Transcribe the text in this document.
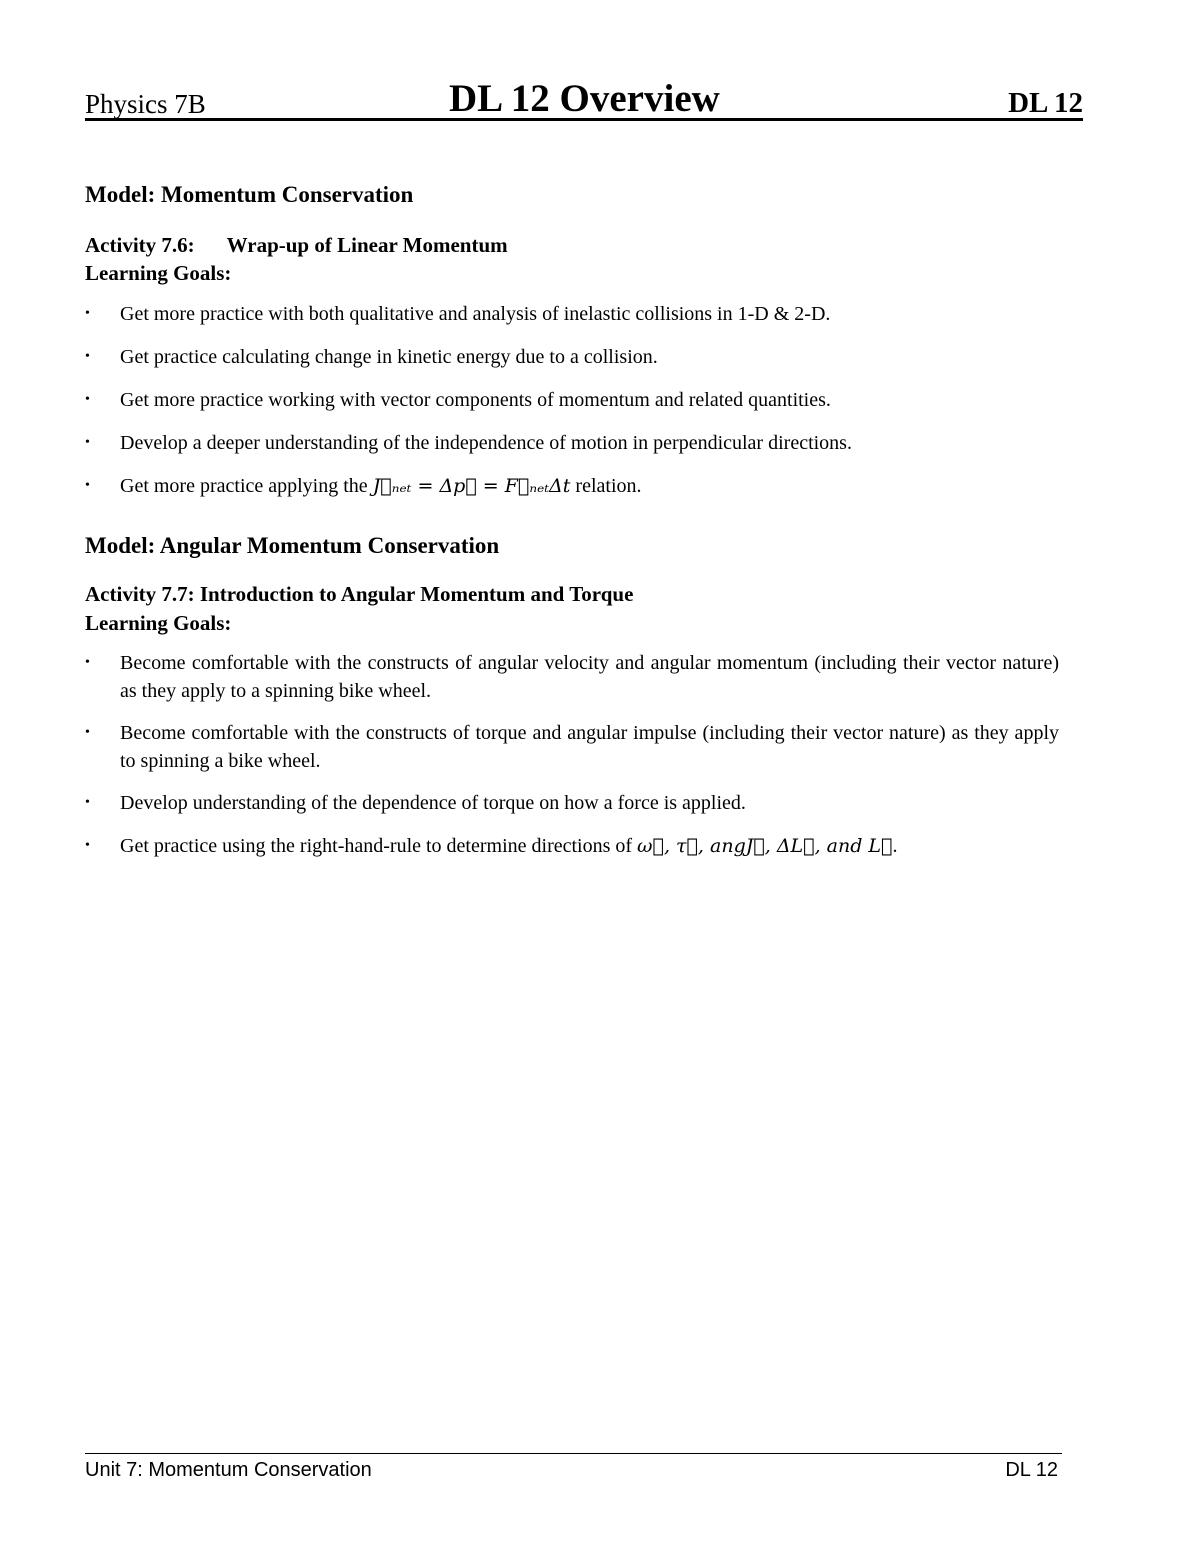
Physics 7B	DL 12 Overview	DL 12
Model: Momentum Conservation
Activity 7.6: Wrap-up of Linear Momentum
Learning Goals:
• Get more practice with both qualitative and analysis of inelastic collisions in 1-D & 2-D.
• Get practice calculating change in kinetic energy due to a collision.
• Get more practice working with vector components of momentum and related quantities.
• Develop a deeper understanding of the independence of motion in perpendicular directions.
• Get more practice applying the J⃗ₙₑₜ = Δp⃗ = F⃗ₙₑₜΔt relation.
Model: Angular Momentum Conservation
Activity 7.7: Introduction to Angular Momentum and Torque
Learning Goals:
• Become comfortable with the constructs of angular velocity and angular momentum (including their vector nature) as they apply to a spinning bike wheel.
• Become comfortable with the constructs of torque and angular impulse (including their vector nature) as they apply to spinning a bike wheel.
• Develop understanding of the dependence of torque on how a force is applied.
• Get practice using the right-hand-rule to determine directions of ω⃗, τ⃗, angJ⃗, ΔL⃗, and L⃗.
Unit 7: Momentum Conservation	DL 12
